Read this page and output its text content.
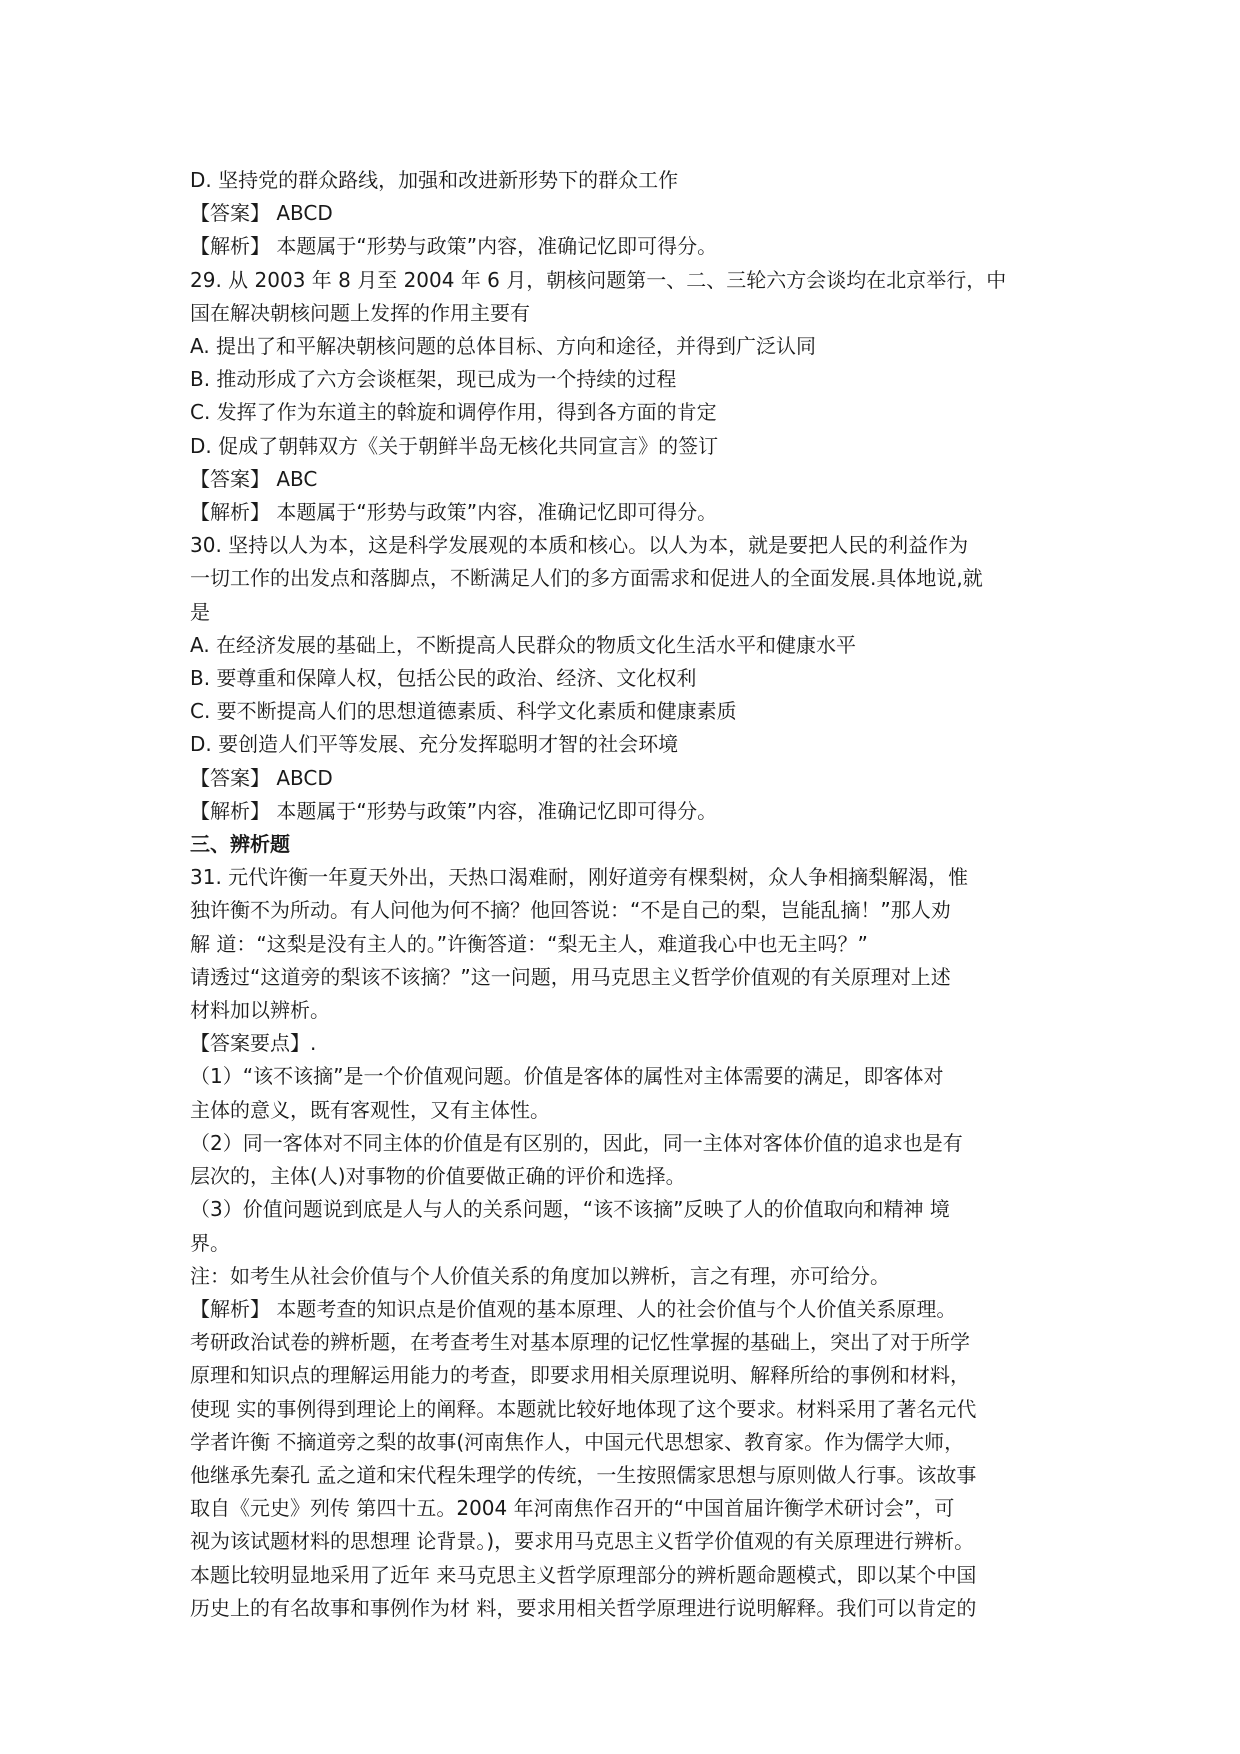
D. 坚持党的群众路线，加强和改进新形势下的群众工作
【答案】 ABCD
【解析】 本题属于“形势与政策”内容，准确记忆即可得分。
29. 从 2003 年 8 月至 2004 年 6 月，朝核问题第一、二、三轮六方会谈均在北京举行，中
国在解决朝核问题上发挥的作用主要有
A. 提出了和平解决朝核问题的总体目标、方向和途径，并得到广泛认同
B. 推动形成了六方会谈框架，现已成为一个持续的过程
C. 发挥了作为东道主的斡旋和调停作用，得到各方面的肯定
D. 促成了朝韩双方《关于朝鲜半岛无核化共同宣言》的签订
【答案】 ABC
【解析】 本题属于“形势与政策”内容，准确记忆即可得分。
30. 坚持以人为本，这是科学发展观的本质和核心。以人为本，就是要把人民的利益作为
一切工作的出发点和落脚点，不断满足人们的多方面需求和促进人的全面发展.具体地说,就
是
A. 在经济发展的基础上，不断提高人民群众的物质文化生活水平和健康水平
B. 要尊重和保障人权，包括公民的政治、经济、文化权利
C. 要不断提高人们的思想道德素质、科学文化素质和健康素质
D. 要创造人们平等发展、充分发挥聪明才智的社会环境
【答案】 ABCD
【解析】 本题属于“形势与政策”内容，准确记忆即可得分。
三、辨析题
31. 元代许衡一年夏天外出，天热口渴难耐，刚好道旁有棵梨树，众人争相摘梨解渴，惟
独许衡不为所动。有人问他为何不摘？他回答说：“不是自己的梨，岂能乱摘！”那人劝
解 道：“这梨是没有主人的。”许衡答道：“梨无主人，难道我心中也无主吗？”
请透过“这道旁的梨该不该摘？”这一问题，用马克思主义哲学价值观的有关原理对上述
材料加以辨析。
【答案要点】.
（1）“该不该摘”是一个价值观问题。价值是客体的属性对主体需要的满足，即客体对
主体的意义，既有客观性，又有主体性。
（2）同一客体对不同主体的价值是有区别的，因此，同一主体对客体价值的追求也是有
层次的，主体(人)对事物的价值要做正确的评价和选择。
（3）价值问题说到底是人与人的关系问题，“该不该摘”反映了人的价值取向和精神 境
界。
注：如考生从社会价值与个人价值关系的角度加以辨析，言之有理，亦可给分。
【解析】 本题考查的知识点是价值观的基本原理、人的社会价值与个人价值关系原理。
考研政治试卷的辨析题，在考查考生对基本原理的记忆性掌握的基础上，突出了对于所学
原理和知识点的理解运用能力的考查，即要求用相关原理说明、解释所给的事例和材料，
使现 实的事例得到理论上的阐释。本题就比较好地体现了这个要求。材料采用了著名元代
学者许衡 不摘道旁之梨的故事(河南焦作人，中国元代思想家、教育家。作为儒学大师，
他继承先秦孔 孟之道和宋代程朱理学的传统，一生按照儒家思想与原则做人行事。该故事
取自《元史》列传 第四十五。2004 年河南焦作召开的“中国首届许衡学术研讨会”，可
视为该试题材料的思想理 论背景。)，要求用马克思主义哲学价值观的有关原理进行辨析。
本题比较明显地采用了近年 来马克思主义哲学原理部分的辨析题命题模式，即以某个中国
历史上的有名故事和事例作为材 料，要求用相关哲学原理进行说明解释。我们可以肯定的
